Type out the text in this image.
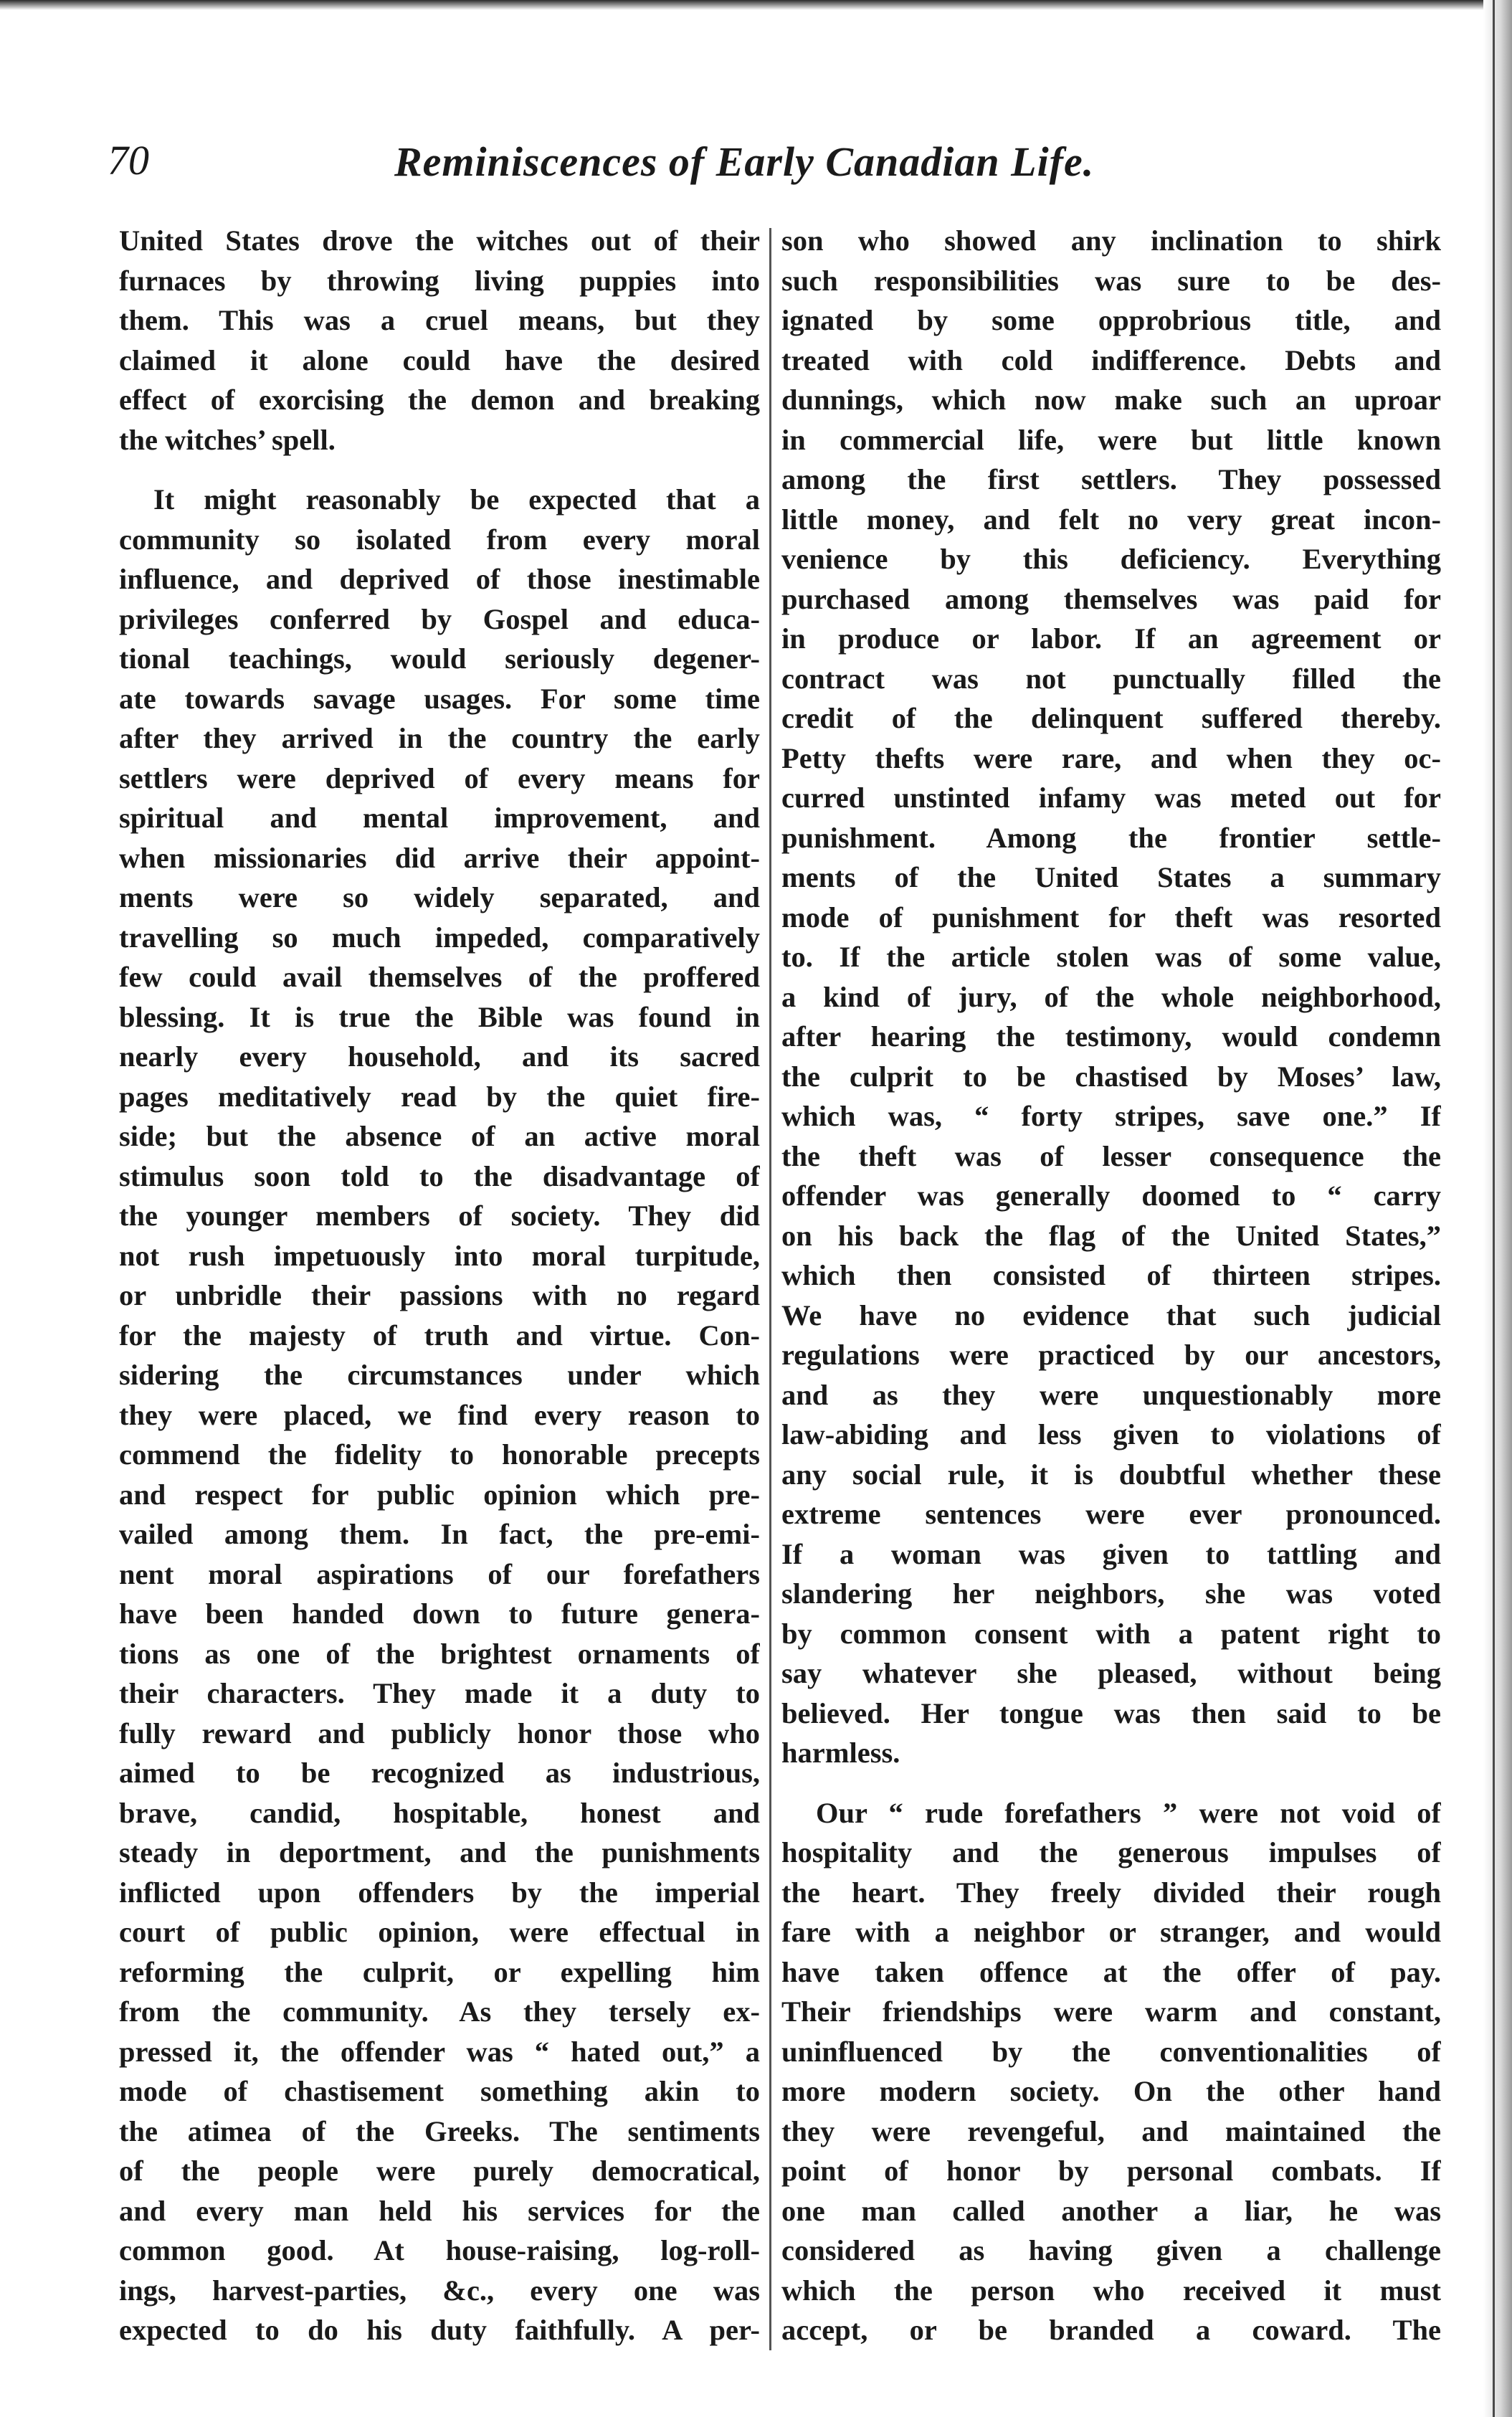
70	Reminiscences of Early Canadian Life.
United States drove the witches out of their
furnaces by throwing living puppies into
them. This was a cruel means, but they
claimed it alone could have the desired
effect of exorcising the demon and breaking
the witches’ spell.
It might reasonably be expected that a
community so isolated from every moral
influence, and deprived of those inestimable
privileges conferred by Gospel and educa-
tional teachings, would seriously degener-
ate towards savage usages. For some time
after they arrived in the country the early
settlers were deprived of every means for
spiritual and mental improvement, and
when missionaries did arrive their appoint-
ments were so widely separated, and
travelling so much impeded, comparatively
few could avail themselves of the proffered
blessing. It is true the Bible was found in
nearly every household, and its sacred
pages meditatively read by the quiet fire-
side; but the absence of an active moral
stimulus soon told to the disadvantage of
the younger members of society. They did
not rush impetuously into moral turpitude,
or unbridle their passions with no regard
for the majesty of truth and virtue. Con-
sidering the circumstances under which
they were placed, we find every reason to
commend the fidelity to honorable precepts
and respect for public opinion which pre-
vailed among them. In fact, the pre-emi-
nent moral aspirations of our forefathers
have been handed down to future genera-
tions as one of the brightest ornaments of
their characters. They made it a duty to
fully reward and publicly honor those who
aimed to be recognized as industrious,
brave, candid, hospitable, honest and
steady in deportment, and the punishments
inflicted upon offenders by the imperial
court of public opinion, were effectual in
reforming the culprit, or expelling him
from the community. As they tersely ex-
pressed it, the offender was “ hated out,” a
mode of chastisement something akin to
the atimea of the Greeks. The sentiments
of the people were purely democratical,
and every man held his services for the
common good. At house-raising, log-roll-
ings, harvest-parties, &c., every one was
expected to do his duty faithfully. A per-
son who showed any inclination to shirk
such responsibilities was sure to be des-
ignated by some opprobrious title, and
treated with cold indifference. Debts and
dunnings, which now make such an uproar
in commercial life, were but little known
among the first settlers. They possessed
little money, and felt no very great incon-
venience by this deficiency. Everything
purchased among themselves was paid for
in produce or labor. If an agreement or
contract was not punctually filled the
credit of the delinquent suffered thereby.
Petty thefts were rare, and when they oc-
curred unstinted infamy was meted out for
punishment. Among the frontier settle-
ments of the United States a summary
mode of punishment for theft was resorted
to. If the article stolen was of some value,
a kind of jury, of the whole neighborhood,
after hearing the testimony, would condemn
the culprit to be chastised by Moses’ law,
which was, “ forty stripes, save one.” If
the theft was of lesser consequence the
offender was generally doomed to “ carry
on his back the flag of the United States,”
which then consisted of thirteen stripes.
We have no evidence that such judicial
regulations were practiced by our ancestors,
and as they were unquestionably more
law-abiding and less given to violations of
any social rule, it is doubtful whether these
extreme sentences were ever pronounced.
If a woman was given to tattling and
slandering her neighbors, she was voted
by common consent with a patent right to
say whatever she pleased, without being
believed. Her tongue was then said to be
harmless.
Our “ rude forefathers ” were not void of
hospitality and the generous impulses of
the heart. They freely divided their rough
fare with a neighbor or stranger, and would
have taken offence at the offer of pay.
Their friendships were warm and constant,
uninfluenced by the conventionalities of
more modern society. On the other hand
they were revengeful, and maintained the
point of honor by personal combats. If
one man called another a liar, he was
considered as having given a challenge
which the person who received it must
accept, or be branded a coward. The
